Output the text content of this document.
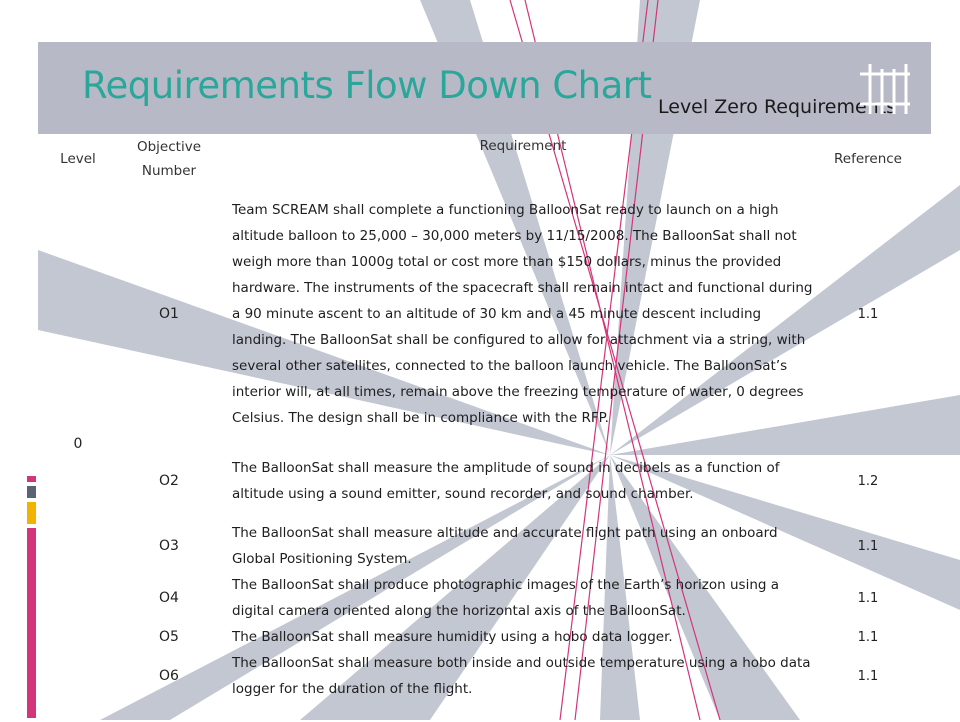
Requirements Flow Down Chart Level Zero Requirements
Level
Objective Number
Requirement
Reference
0
O1
Team SCREAM shall complete a functioning BalloonSat ready to launch on a high altitude balloon to 25,000 – 30,000 meters by 11/15/2008. The BalloonSat shall not weigh more than 1000g total or cost more than $150 dollars, minus the provided hardware. The instruments of the spacecraft shall remain intact and functional during a 90 minute ascent to an altitude of 30 km and a 45 minute descent including landing. The BalloonSat shall be configured to allow for attachment via a string, with several other satellites, connected to the balloon launch vehicle. The BalloonSat’s interior will, at all times, remain above the freezing temperature of water, 0 degrees Celsius. The design shall be in compliance with the RFP.
1.1
O2
The BalloonSat shall measure the amplitude of sound in decibels as a function of altitude using a sound emitter, sound recorder, and sound chamber.
1.2
O3
The BalloonSat shall measure altitude and accurate flight path using an onboard Global Positioning System.
1.1
O4
The BalloonSat shall produce photographic images of the Earth’s horizon using a digital camera oriented along the horizontal axis of the BalloonSat.
1.1
O5	The BalloonSat shall measure humidity using a hobo data logger.	1.1
O6
The BalloonSat shall measure both inside and outside temperature using a hobo data logger for the duration of the flight.
1.1
